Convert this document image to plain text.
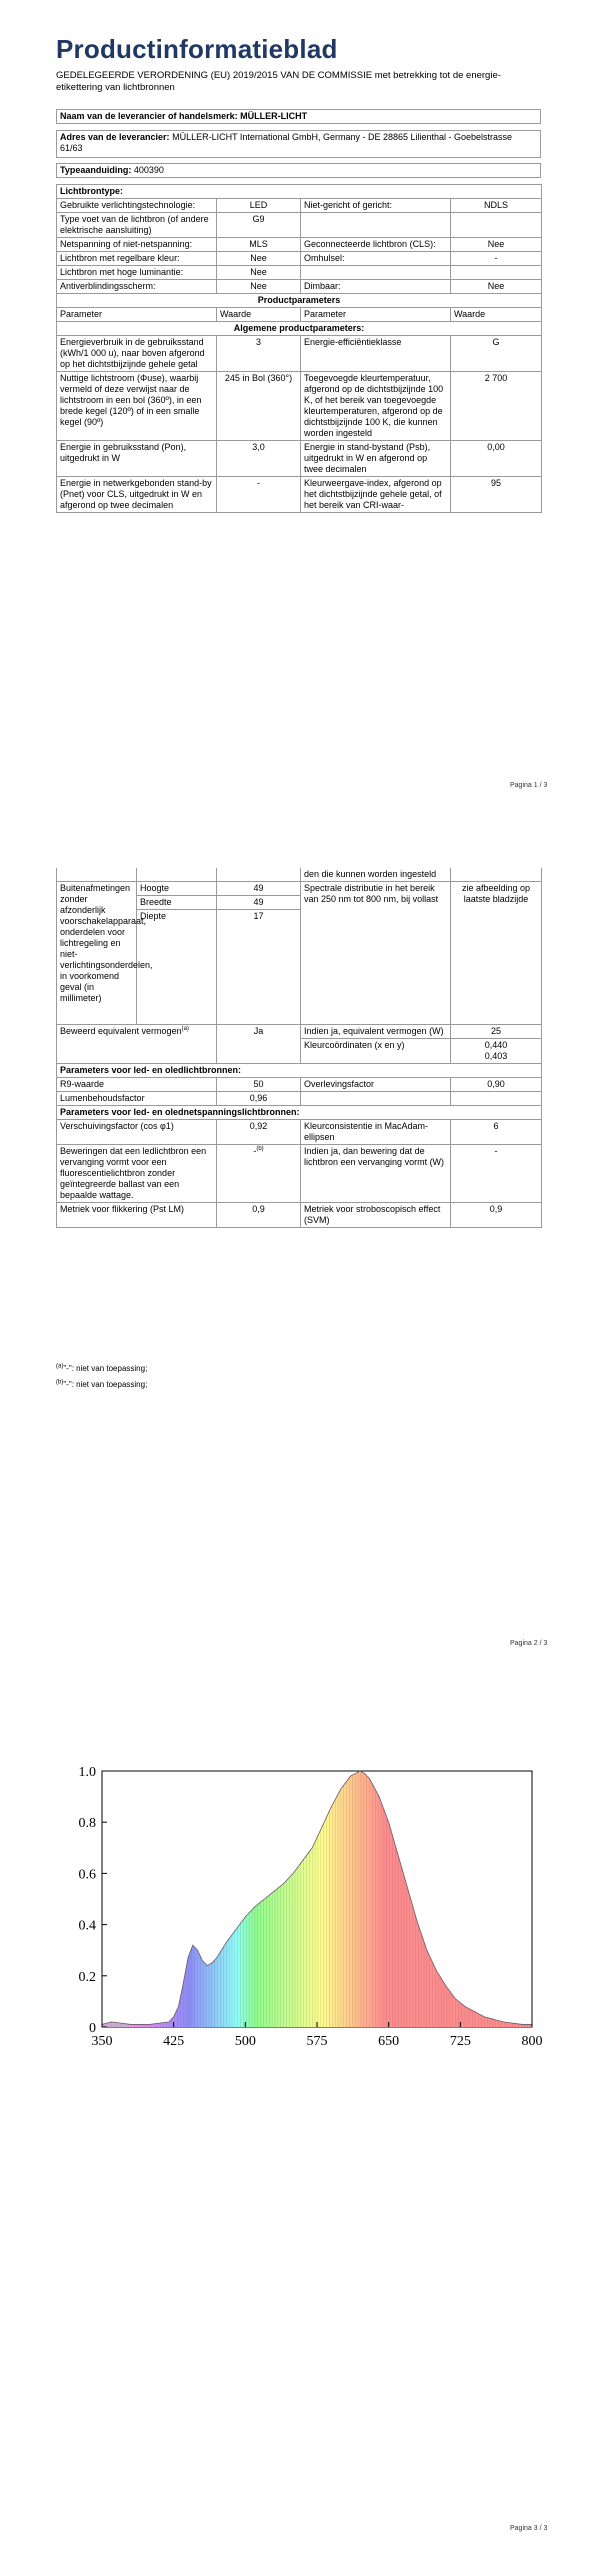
Productinformatieblad
GEDELEGEERDE VERORDENING (EU) 2019/2015 VAN DE COMMISSIE met betrekking tot de energie-etikettering van lichtbronnen
Naam van de leverancier of handelsmerk: MÜLLER-LICHT
Adres van de leverancier: MÜLLER-LICHT International GmbH, Germany - DE 28865 Lilienthal - Goebelstrasse 61/63
Typeaanduiding: 400390
Lichtbrontype:			
Gebruikte verlichtingstechnologie:	LED	Niet-gericht of gericht:	NDLS
Type voet van de lichtbron (of andere elektrische aansluiting)	G9		
Netspanning of niet-netspanning:	MLS	Geconnecteerde lichtbron (CLS):	Nee
Lichtbron met regelbare kleur:	Nee	Omhulsel:	-
Lichtbron met hoge luminantie:	Nee		
Antiverblindingsscherm:	Nee	Dimbaar:	Nee
Productparameters			
Parameter	Waarde	Parameter	Waarde
Algemene productparameters:			
Energieverbruik in de gebruiksstand (kWh/1 000 u), naar boven afgerond op het dichtstbijzijnde gehele getal	3	Energie-efficiëntieklasse	G
Nuttige lichtstroom (Φuse), waarbij vermeld of deze verwijst naar de lichtstroom in een bol (360º), in een brede kegel (120º) of in een smalle kegel (90º)	245 in Bol (360°)	Toegevoegde kleurtemperatuur, afgerond op de dichtstbijzijnde 100 K, of het bereik van toegevoegde kleurtemperaturen, afgerond op de dichtstbijzijnde 100 K, die kunnen worden ingesteld	2 700
Energie in gebruiksstand (Pon), uitgedrukt in W	3,0	Energie in stand-bystand (Psb), uitgedrukt in W en afgerond op twee decimalen	0,00
Energie in netwerkgebonden stand-by (Pnet) voor CLS, uitgedrukt in W en afgerond op twee decimalen	-	Kleurweergave-index, afgerond op het dichtstbijzijnde gehele getal, of het bereik van CRI-waar-	95
Pagina 1 / 3
			den die kunnen worden ingesteld	
Buitenafmetingen zonder afzonderlijk voorschakelapparaat, onderdelen voor lichtregeling en niet-verlichtingsonderdelen, in voorkomend geval (in millimeter)	Hoogte	49	Spectrale distributie in het bereik van 250 nm tot 800 nm, bij vollast	zie afbeelding op laatste bladzijde
	Breedte	49		
	Diepte	17		
Beweerd equivalent vermogen$^{(a)}$		Ja	Indien ja, equivalent vermogen (W)	25
			Kleurcoördinaten (x en y)	0,440
0,403
Parameters voor led- en oledlichtbronnen:				
R9-waarde		50	Overlevingsfactor	0,90
Lumenbehoudsfactor		0,96		
Parameters voor led- en olednetspanningslichtbronnen:				
Verschuivingsfactor (cos φ1)		0,92	Kleurconsistentie in MacAdam-ellipsen	6
Beweringen dat een ledlichtbron een vervanging vormt voor een fluorescentielichtbron zonder geïntegreerde ballast van een bepaalde wattage.		-$^{(b)}$	Indien ja, dan bewering dat de lichtbron een vervanging vormt (W)	-
Metriek voor flikkering (Pst LM)		0,9	Metriek voor stroboscopisch effect (SVM)	0,9
$^{(a)}$"-": niet van toepassing;
$^{(b)}$"-": niet van toepassing;
Pagina 2 / 3
350	425	500	575	650	725	800
0
0.2
0.4
0.6
0.8
1.0
Pagina 3 / 3
